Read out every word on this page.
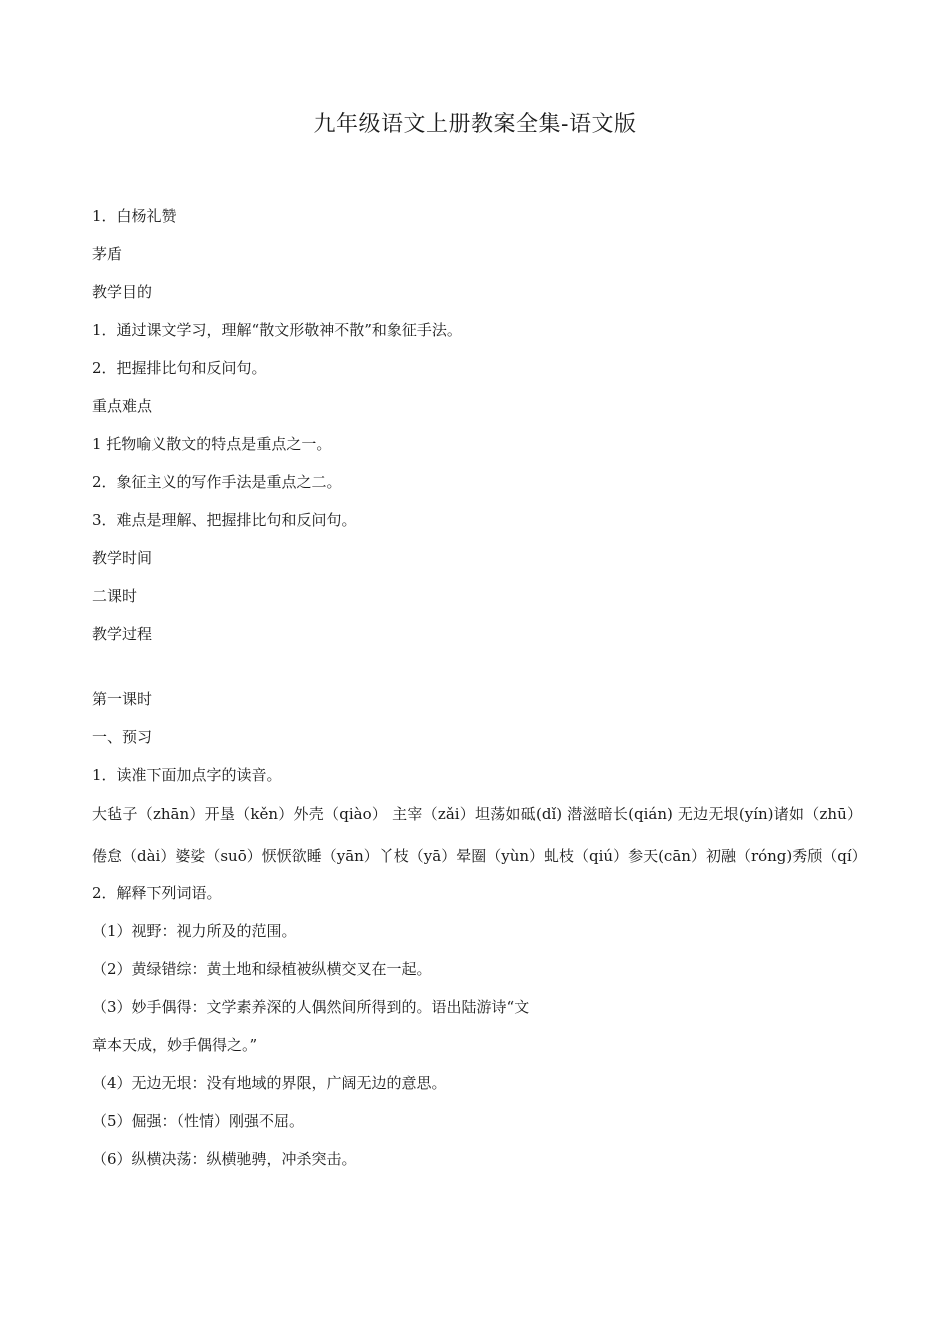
九年级语文上册教案全集-语文版
1．白杨礼赞
茅盾
教学目的
1．通过课文学习，理解“散文形敬神不散”和象征手法。
2．把握排比句和反问句。
重点难点
1 托物喻义散文的特点是重点之一。
2．象征主义的写作手法是重点之二。
3．难点是理解、把握排比句和反问句。
教学时间
二课时
教学过程
第一课时
一、预习
1．读准下面加点字的读音。
大毡子（zhān）开垦（kěn）外壳（qiào） 主宰（zǎi）坦荡如砥(dǐ) 潜滋暗长(qián) 无边无垠(yín)诸如（zhū）倦怠（dài）婆娑（suō）恹恹欲睡（yān）丫枝（yā）晕圈（yùn）虬枝（qiú）参天(cān）初融（róng)秀颀（qí）
2．解释下列词语。
（1）视野：视力所及的范围。
（2）黄绿错综：黄土地和绿植被纵横交叉在一起。
（3）妙手偶得：文学素养深的人偶然间所得到的。语出陆游诗“文
章本天成，妙手偶得之。”
（4）无边无垠：没有地域的界限，广阔无边的意思。
（5）倔强：（性情）刚强不屈。
（6）纵横决荡：纵横驰骋，冲杀突击。
